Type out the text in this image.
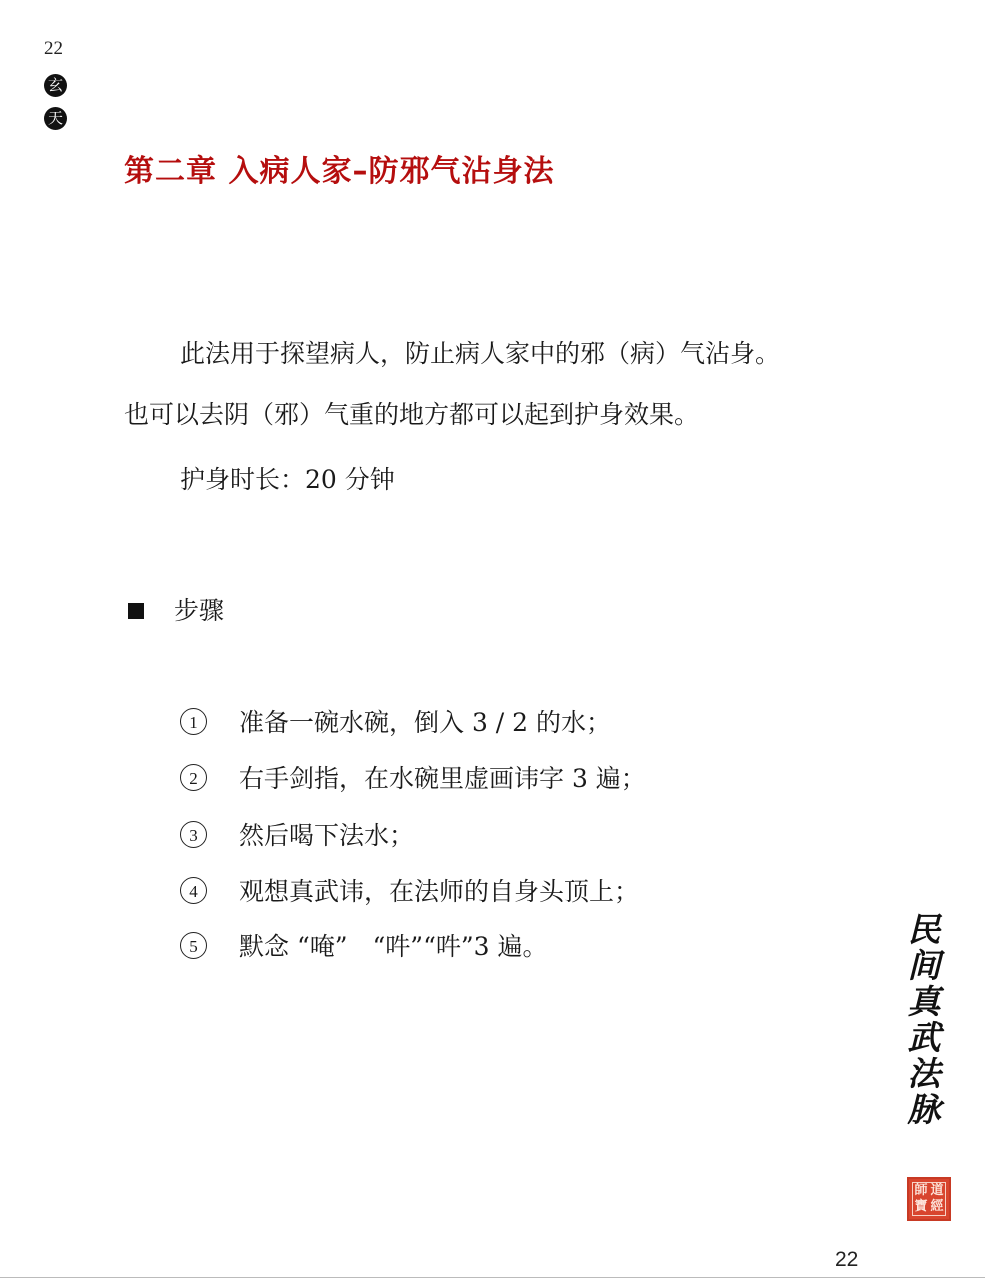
22
玄
天
第二章 入病人家–防邪气沾身法
此法用于探望病人，防止病人家中的邪（病）气沾身。
也可以去阴（邪）气重的地方都可以起到护身效果。
护身时长：20 分钟
步骤
1	准备一碗水碗，倒入 3 / 2 的水；
2	右手剑指，在水碗里虚画讳字 3 遍；
3	然后喝下法水；
4	观想真武讳，在法师的自身头顶上；
5	默念 “唵”　“吽”“吽”3 遍。	民
间
真
武
法
脉
師 道
寶 經
22
